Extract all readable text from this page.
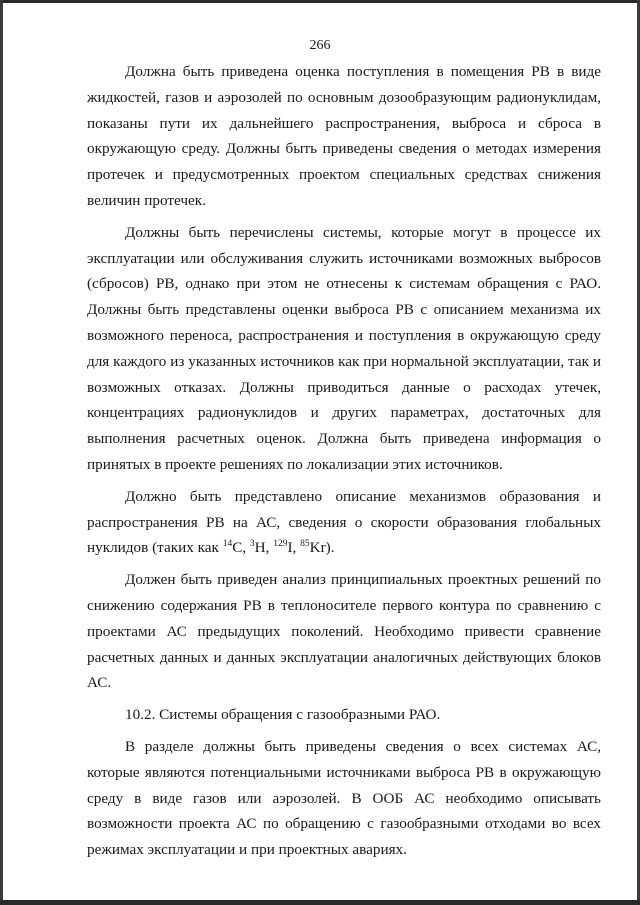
266

Должна быть приведена оценка поступления в помещения РВ в виде жидкостей, газов и аэрозолей по основным дозообразующим радионуклидам, показаны пути их дальнейшего распространения, выброса и сброса в окружающую среду. Должны быть приведены сведения о методах измерения протечек и предусмотренных проектом специальных средствах снижения величин протечек.

Должны быть перечислены системы, которые могут в процессе их эксплуатации или обслуживания служить источниками возможных выбросов (сбросов) РВ, однако при этом не отнесены к системам обращения с РАО. Должны быть представлены оценки выброса РВ с описанием механизма их возможного переноса, распространения и поступления в окружающую среду для каждого из указанных источников как при нормальной эксплуатации, так и возможных отказах. Должны приводиться данные о расходах утечек, концентрациях радионуклидов и других параметрах, достаточных для выполнения расчетных оценок. Должна быть приведена информация о принятых в проекте решениях по локализации этих источников.

Должно быть представлено описание механизмов образования и распространения РВ на АС, сведения о скорости образования глобальных нуклидов (таких как $^{14}$C, $^3$H, $^{129}$I, $^{85}$Kr).

Должен быть приведен анализ принципиальных проектных решений по снижению содержания РВ в теплоносителе первого контура по сравнению с проектами АС предыдущих поколений. Необходимо привести сравнение расчетных данных и данных эксплуатации аналогичных действующих блоков АС.

10.2. Системы обращения с газообразными РАО.

В разделе должны быть приведены сведения о всех системах АС, которые являются потенциальными источниками выброса РВ в окружающую среду в виде газов или аэрозолей. В ООБ АС необходимо описывать возможности проекта АС по обращению с газообразными отходами во всех режимах эксплуатации и при проектных авариях.
